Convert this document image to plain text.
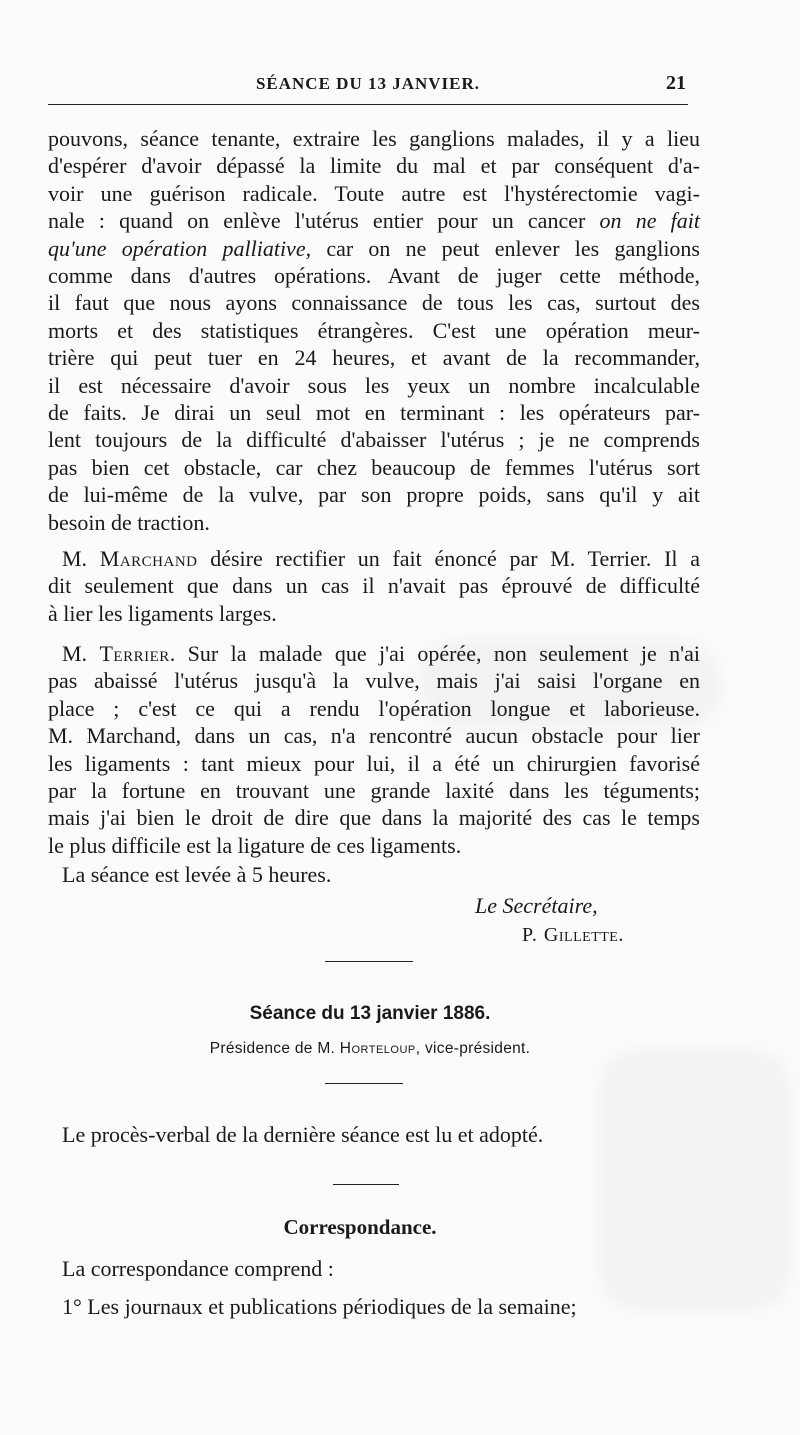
SÉANCE DU 13 JANVIER.	21
pouvons, séance tenante, extraire les ganglions malades, il y a lieu
d'espérer d'avoir dépassé la limite du mal et par conséquent d'a-
voir une guérison radicale. Toute autre est l'hystérectomie vagi-
nale : quand on enlève l'utérus entier pour un cancer on ne fait
qu'une opération palliative, car on ne peut enlever les ganglions
comme dans d'autres opérations. Avant de juger cette méthode,
il faut que nous ayons connaissance de tous les cas, surtout des
morts et des statistiques étrangères. C'est une opération meur-
trière qui peut tuer en 24 heures, et avant de la recommander,
il est nécessaire d'avoir sous les yeux un nombre incalculable
de faits. Je dirai un seul mot en terminant : les opérateurs par-
lent toujours de la difficulté d'abaisser l'utérus ; je ne comprends
pas bien cet obstacle, car chez beaucoup de femmes l'utérus sort
de lui-même de la vulve, par son propre poids, sans qu'il y ait
besoin de traction.
M. Marchand désire rectifier un fait énoncé par M. Terrier. Il a
dit seulement que dans un cas il n'avait pas éprouvé de difficulté
à lier les ligaments larges.
M. Terrier. Sur la malade que j'ai opérée, non seulement je n'ai
pas abaissé l'utérus jusqu'à la vulve, mais j'ai saisi l'organe en
place ; c'est ce qui a rendu l'opération longue et laborieuse.
M. Marchand, dans un cas, n'a rencontré aucun obstacle pour lier
les ligaments : tant mieux pour lui, il a été un chirurgien favorisé
par la fortune en trouvant une grande laxité dans les téguments;
mais j'ai bien le droit de dire que dans la majorité des cas le temps
le plus difficile est la ligature de ces ligaments.
La séance est levée à 5 heures.
Le Secrétaire,
P. Gillette.
Séance du 13 janvier 1886.
Présidence de M. Horteloup, vice-président.
Le procès-verbal de la dernière séance est lu et adopté.
Correspondance.
La correspondance comprend :
1° Les journaux et publications périodiques de la semaine;
